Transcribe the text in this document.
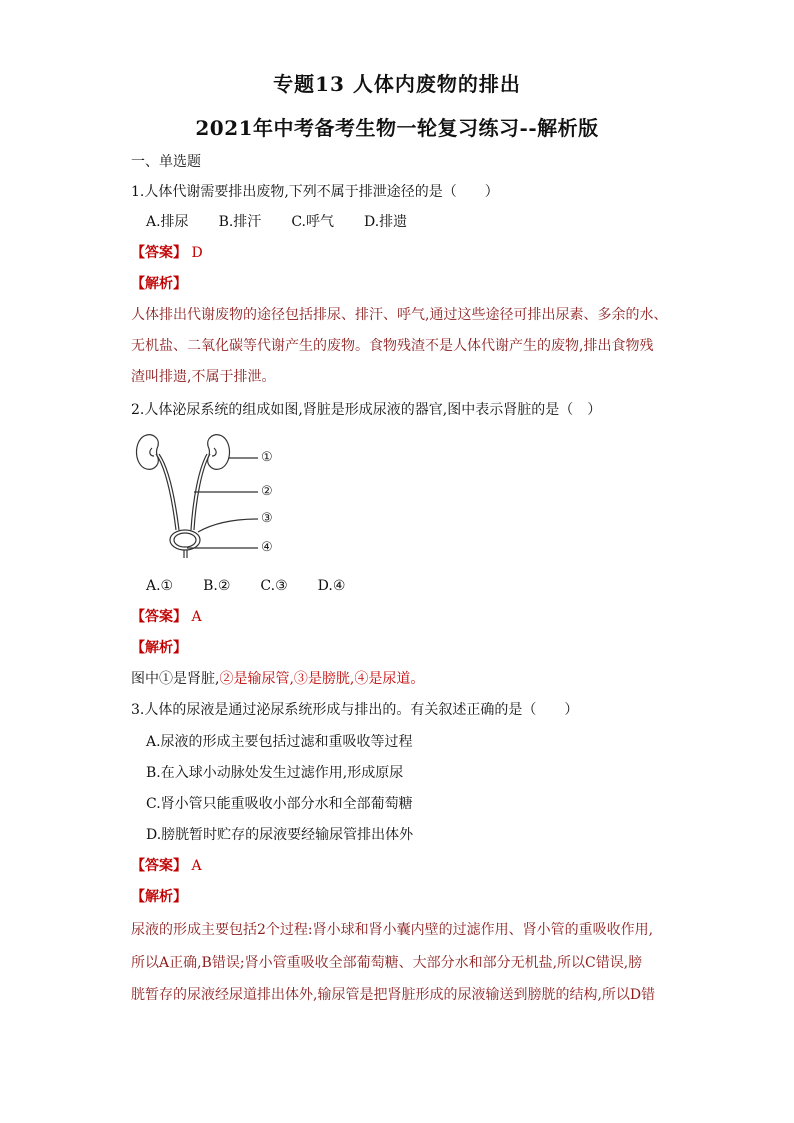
专题13 人体内废物的排出
2021年中考备考生物一轮复习练习--解析版
一、单选题
1.人体代谢需要排出废物,下列不属于排泄途径的是（　　）
A.排尿 B.排汗 C.呼气 D.排遗
【答案】 D
【解析】
人体排出代谢废物的途径包括排尿、排汗、呼气,通过这些途径可排出尿素、多余的水、
无机盐、二氧化碳等代谢产生的废物。食物残渣不是人体代谢产生的废物,排出食物残
渣叫排遗,不属于排泄。
2.人体泌尿系统的组成如图,肾脏是形成尿液的器官,图中表示肾脏的是（　）
①
②
③
④
A.① B.② C.③ D.④
【答案】 A
【解析】
图中①是肾脏,②是输尿管,③是膀胱,④是尿道。
3.人体的尿液是通过泌尿系统形成与排出的。有关叙述正确的是（　　）
A.尿液的形成主要包括过滤和重吸收等过程
B.在入球小动脉处发生过滤作用,形成原尿
C.肾小管只能重吸收小部分水和全部葡萄糖
D.膀胱暂时贮存的尿液要经输尿管排出体外
【答案】 A
【解析】
尿液的形成主要包括2个过程:肾小球和肾小囊内壁的过滤作用、肾小管的重吸收作用,
所以A正确,B错误;肾小管重吸收全部葡萄糖、大部分水和部分无机盐,所以C错误,膀
胱暂存的尿液经尿道排出体外,输尿管是把肾脏形成的尿液输送到膀胱的结构,所以D错
